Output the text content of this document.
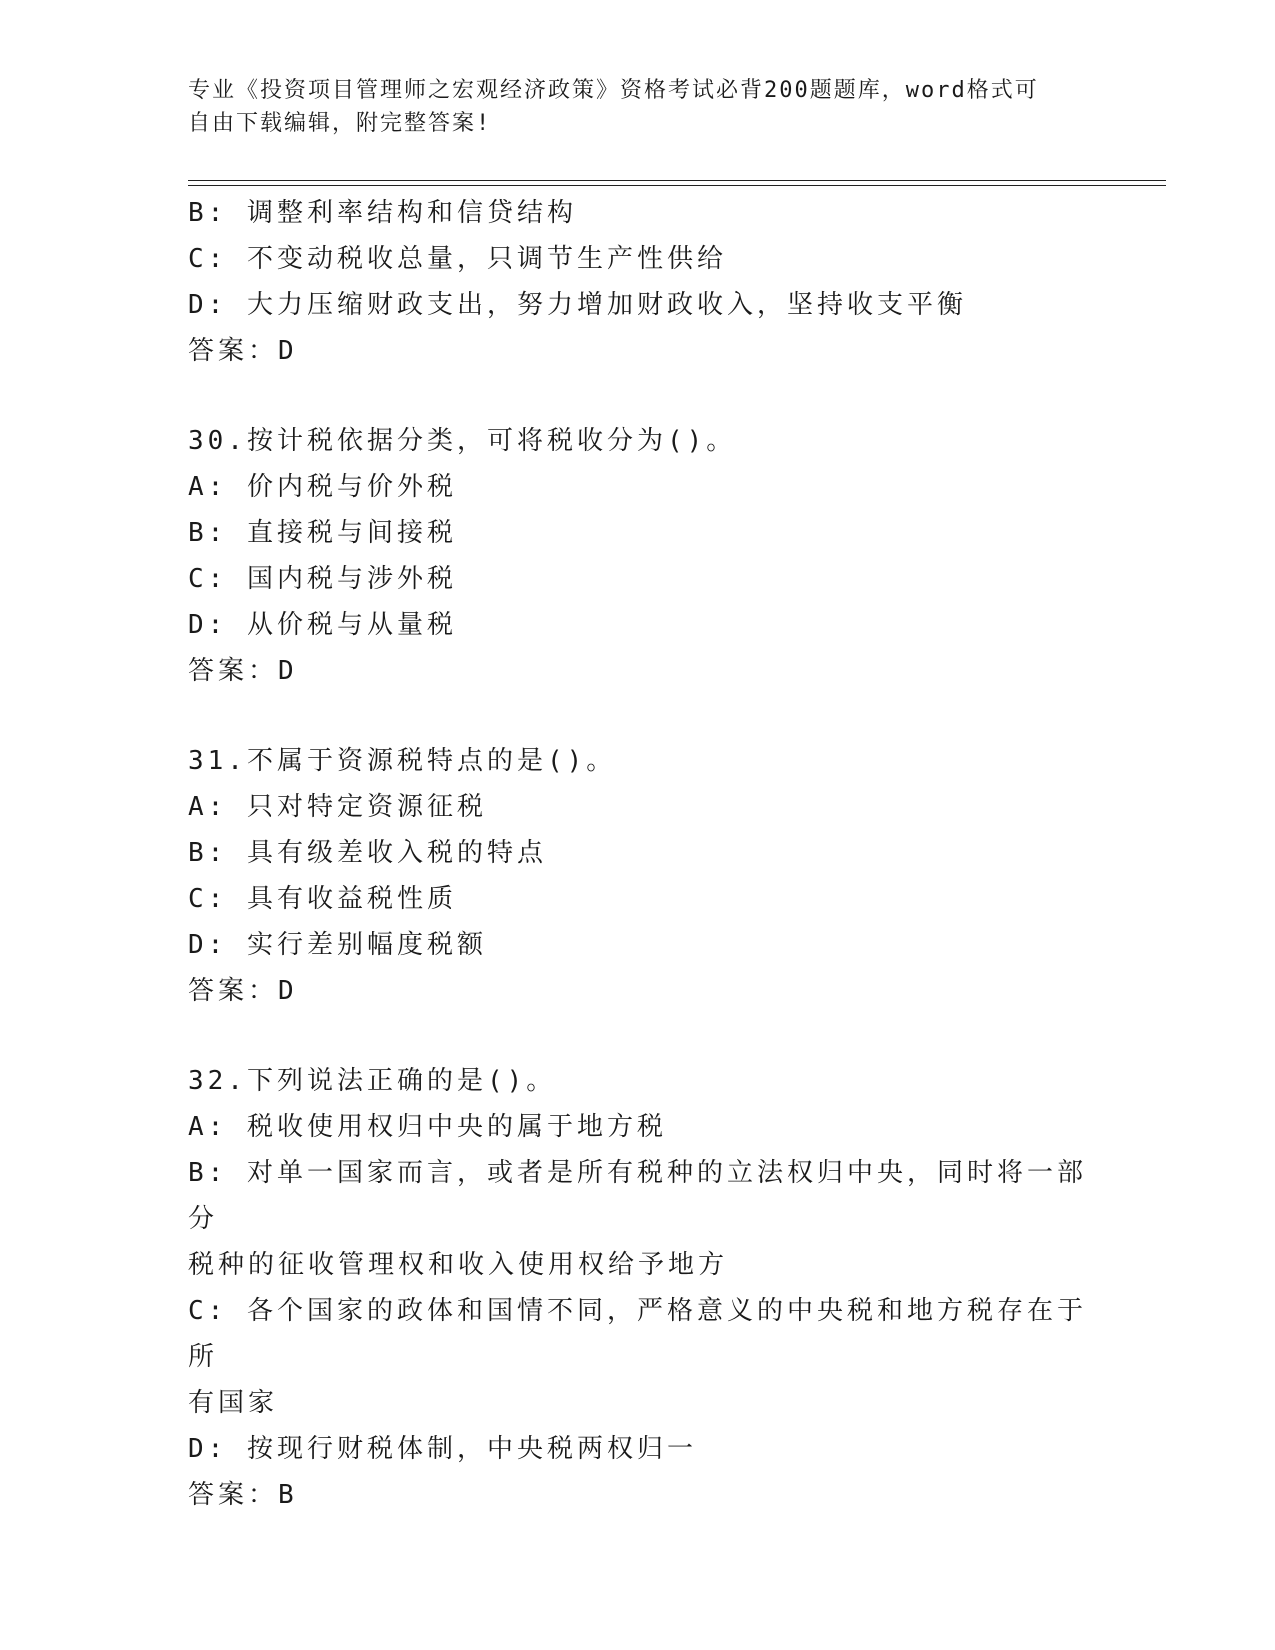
专业《投资项目管理师之宏观经济政策》资格考试必背200题题库，word格式可
自由下载编辑，附完整答案!
B: 调整利率结构和信贷结构
C: 不变动税收总量，只调节生产性供给
D: 大力压缩财政支出，努力增加财政收入，坚持收支平衡
答案：D
30.按计税依据分类，可将税收分为()。
A: 价内税与价外税
B: 直接税与间接税
C: 国内税与涉外税
D: 从价税与从量税
答案：D
31.不属于资源税特点的是()。
A: 只对特定资源征税
B: 具有级差收入税的特点
C: 具有收益税性质
D: 实行差别幅度税额
答案：D
32.下列说法正确的是()。
A: 税收使用权归中央的属于地方税
B: 对单一国家而言，或者是所有税种的立法权归中央，同时将一部分
税种的征收管理权和收入使用权给予地方
C: 各个国家的政体和国情不同，严格意义的中央税和地方税存在于所
有国家
D: 按现行财税体制，中央税两权归一
答案：B
